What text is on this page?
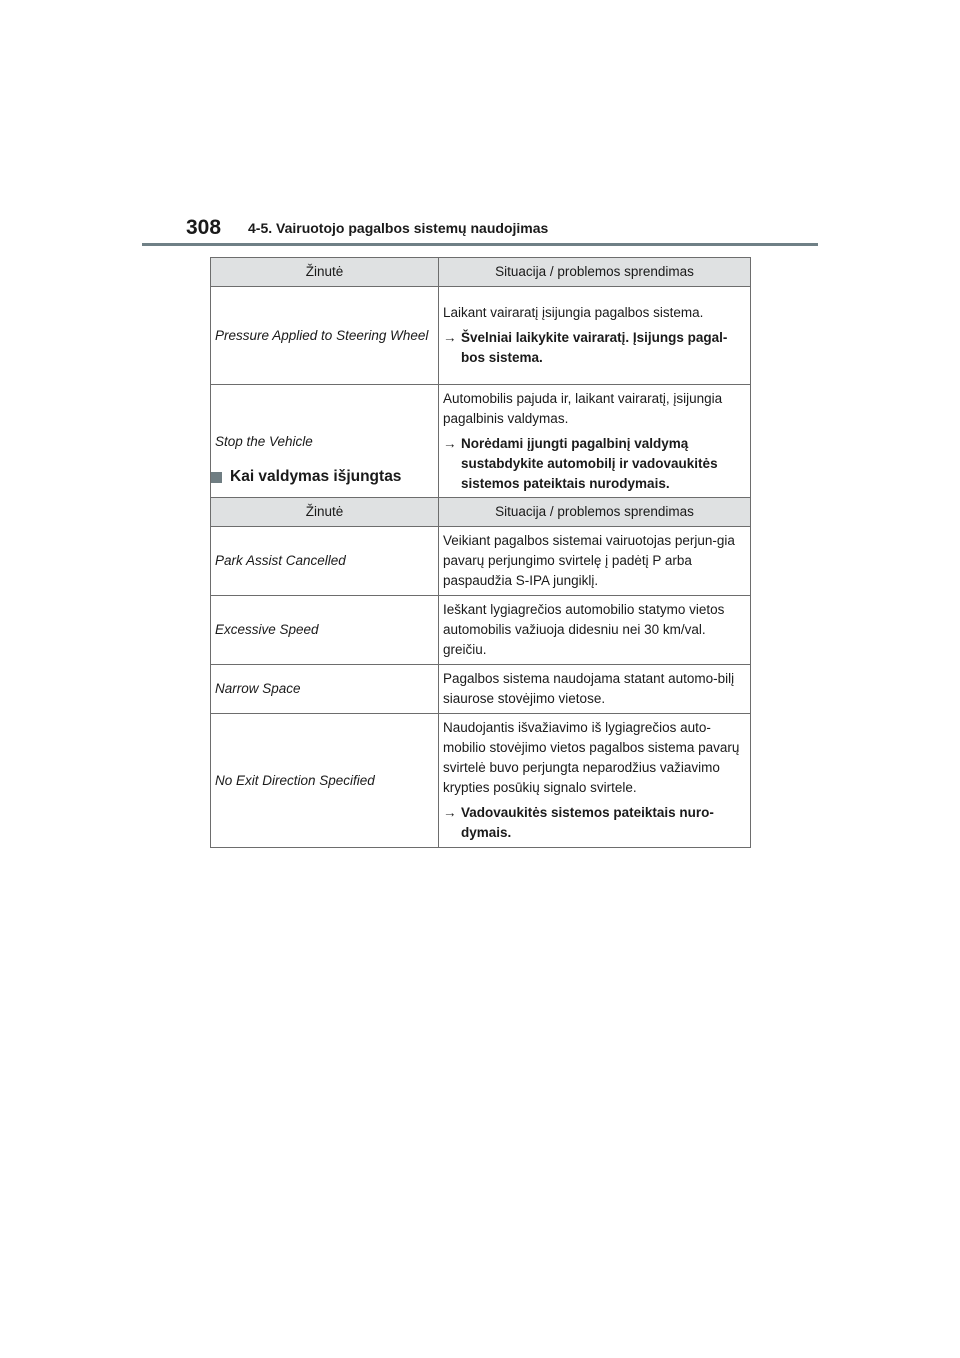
308 4-5. Vairuotojo pagalbos sistemų naudojimas
Žinutė	Situacija / problemos sprendimas
Pressure Applied to Steering Wheel	Laikant vairaratį įsijungia pagalbos sistema.

→ Švelniai laikykite vairaratį. Įsijungs pagal-bos sistema.

Stop the Vehicle	Automobilis pajuda ir, laikant vairaratį, įsijungia pagalbinis valdymas.

→ Norėdami įjungti pagalbinį valdymą sustabdykite automobilį ir vadovaukitės sistemos pateiktais nurodymais.
Kai valdymas išjungtas
Žinutė	Situacija / problemos sprendimas
Park Assist Cancelled	Veikiant pagalbos sistemai vairuotojas perjun-gia pavarų perjungimo svirtelę į padėtį P arba paspaudžia S-IPA jungiklį.

Excessive Speed	Ieškant lygiagrečios automobilio statymo vietos automobilis važiuoja didesniu nei 30 km/val. greičiu.

Narrow Space	Pagalbos sistema naudojama statant automo-bilį siaurose stovėjimo vietose.

No Exit Direction Specified	Naudojantis išvažiavimo iš lygiagrečios auto-mobilio stovėjimo vietos pagalbos sistema pavarų svirtelė buvo perjungta neparodžius važiavimo krypties posūkių signalo svirtele.

→ Vadovaukitės sistemos pateiktais nuro-dymais.
